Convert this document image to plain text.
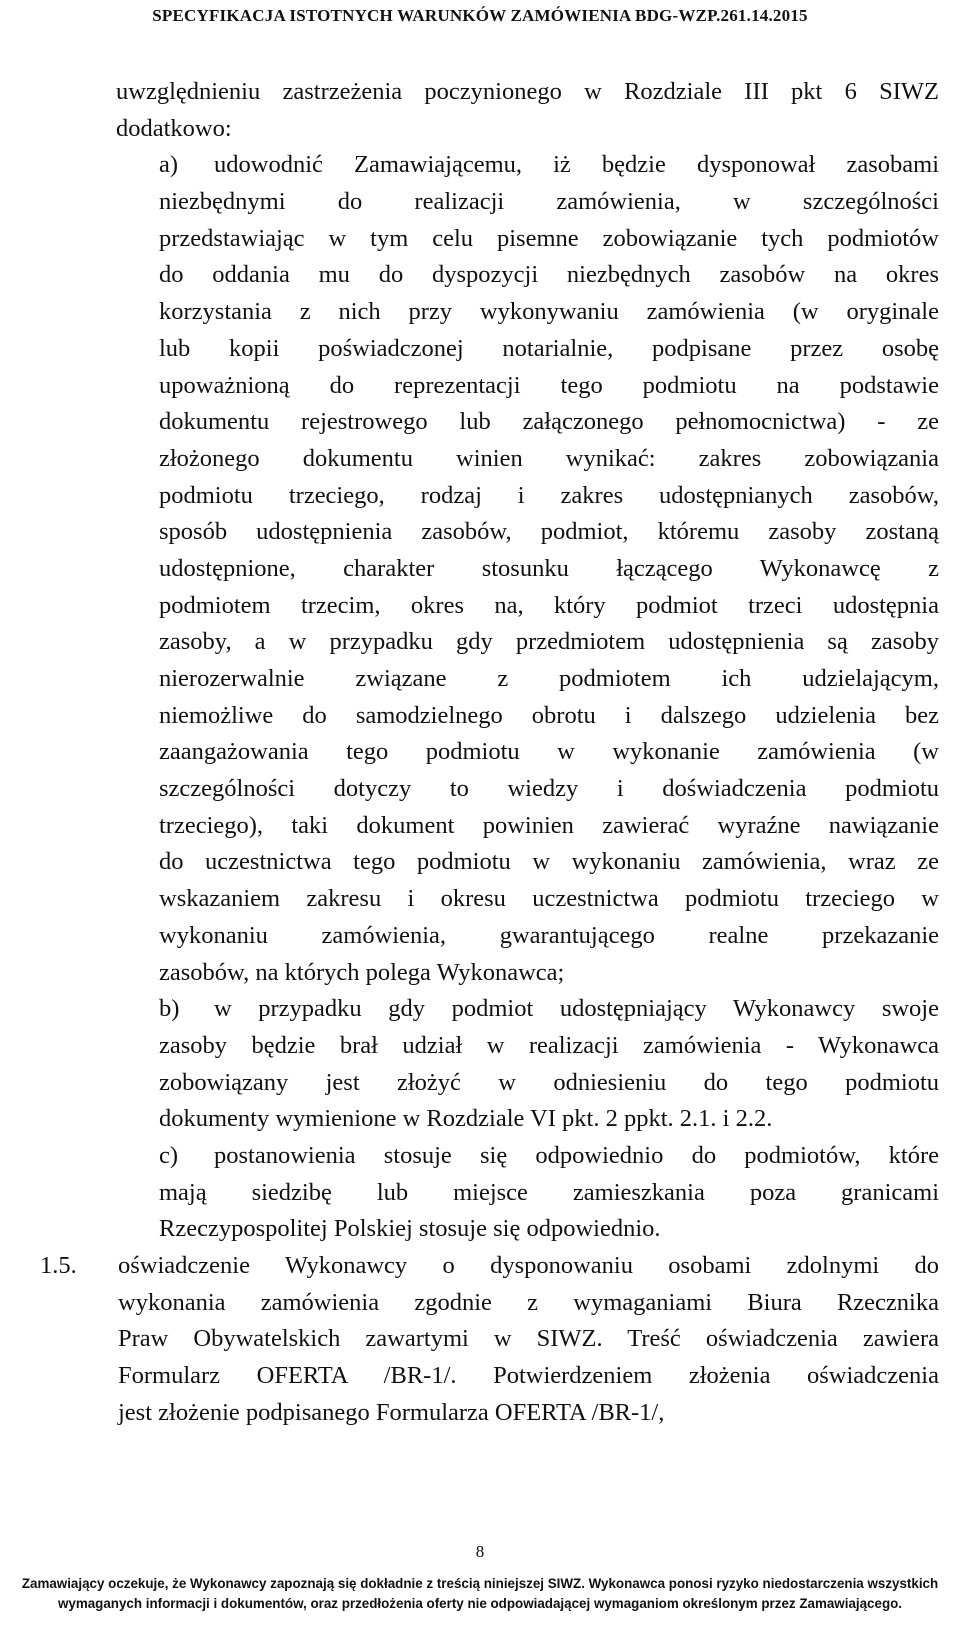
SPECYFIKACJA ISTOTNYCH WARUNKÓW ZAMÓWIENIA BDG-WZP.261.14.2015
uwzględnieniu zastrzeżenia poczynionego w Rozdziale III pkt 6 SIWZ
dodatkowo:
a) udowodnić Zamawiającemu, iż będzie dysponował zasobami
niezbędnymi do realizacji zamówienia, w szczególności
przedstawiając w tym celu pisemne zobowiązanie tych podmiotów
do oddania mu do dyspozycji niezbędnych zasobów na okres
korzystania z nich przy wykonywaniu zamówienia (w oryginale
lub kopii poświadczonej notarialnie, podpisane przez osobę
upoważnioną do reprezentacji tego podmiotu na podstawie
dokumentu rejestrowego lub załączonego pełnomocnictwa) - ze
złożonego dokumentu winien wynikać: zakres zobowiązania
podmiotu trzeciego, rodzaj i zakres udostępnianych zasobów,
sposób udostępnienia zasobów, podmiot, któremu zasoby zostaną
udostępnione, charakter stosunku łączącego Wykonawcę z
podmiotem trzecim, okres na, który podmiot trzeci udostępnia
zasoby, a w przypadku gdy przedmiotem udostępnienia są zasoby
nierozerwalnie związane z podmiotem ich udzielającym,
niemożliwe do samodzielnego obrotu i dalszego udzielenia bez
zaangażowania tego podmiotu w wykonanie zamówienia (w
szczególności dotyczy to wiedzy i doświadczenia podmiotu
trzeciego), taki dokument powinien zawierać wyraźne nawiązanie
do uczestnictwa tego podmiotu w wykonaniu zamówienia, wraz ze
wskazaniem zakresu i okresu uczestnictwa podmiotu trzeciego w
wykonaniu zamówienia, gwarantującego realne przekazanie
zasobów, na których polega Wykonawca;
b) w przypadku gdy podmiot udostępniający Wykonawcy swoje
zasoby będzie brał udział w realizacji zamówienia - Wykonawca
zobowiązany jest złożyć w odniesieniu do tego podmiotu
dokumenty wymienione w Rozdziale VI pkt. 2 ppkt. 2.1. i 2.2.
c) postanowienia stosuje się odpowiednio do podmiotów, które
mają siedzibę lub miejsce zamieszkania poza granicami
Rzeczypospolitej Polskiej stosuje się odpowiednio.
1.5. oświadczenie Wykonawcy o dysponowaniu osobami zdolnymi do
wykonania zamówienia zgodnie z wymaganiami Biura Rzecznika
Praw Obywatelskich zawartymi w SIWZ. Treść oświadczenia zawiera
Formularz OFERTA /BR-1/. Potwierdzeniem złożenia oświadczenia
jest złożenie podpisanego Formularza OFERTA /BR-1/,
8
Zamawiający oczekuje, że Wykonawcy zapoznają się dokładnie z treścią niniejszej SIWZ. Wykonawca ponosi ryzyko niedostarczenia wszystkich
wymaganych informacji i dokumentów, oraz przedłożenia oferty nie odpowiadającej wymaganiom określonym przez Zamawiającego.
